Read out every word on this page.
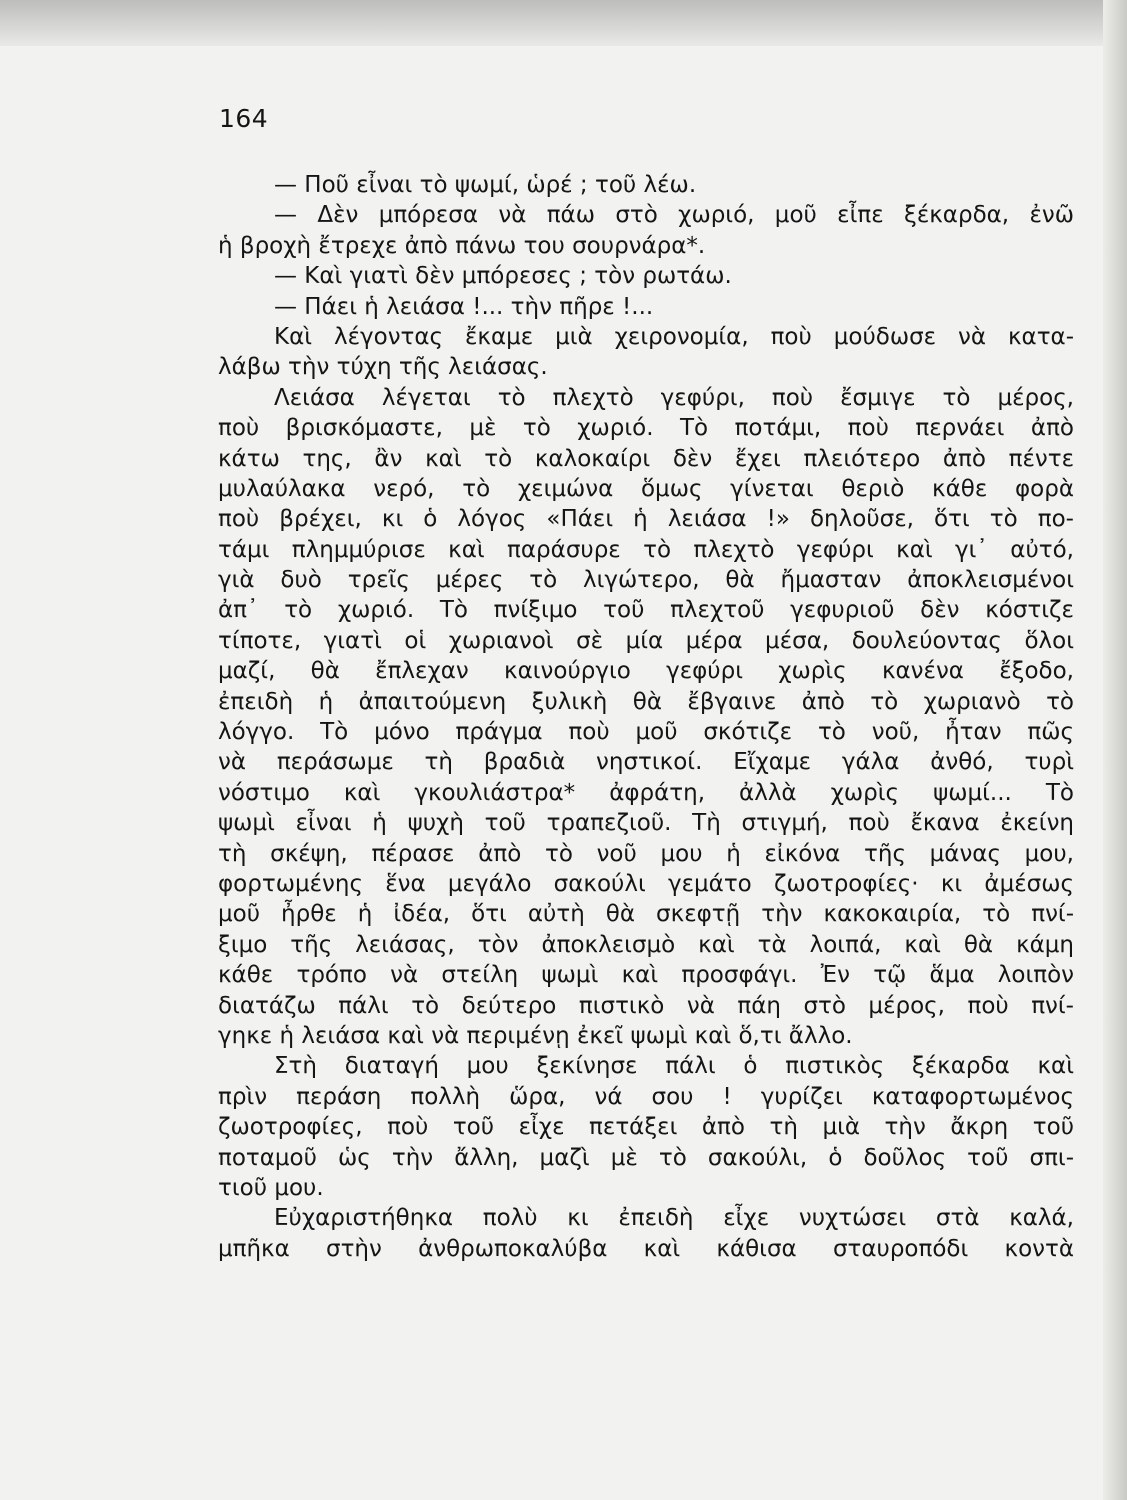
164

— Ποῦ εἶναι τὸ ψωμί, ὡρέ ; τοῦ λέω.
— Δὲν μπόρεσα νὰ πάω στὸ χωριό, μοῦ εἶπε ξέκαρδα, ἐνῶ
ἡ βροχὴ ἔτρεχε ἀπὸ πάνω του σουρνάρα*.
— Καὶ γιατὶ δὲν μπόρεσες ; τὸν ρωτάω.
— Πάει ἡ λειάσα !... τὴν πῆρε !...
Καὶ λέγοντας ἔκαμε μιὰ χειρονομία, ποὺ μούδωσε νὰ κατα-
λάβω τὴν τύχη τῆς λειάσας.
Λειάσα λέγεται τὸ πλεχτὸ γεφύρι, ποὺ ἔσμιγε τὸ μέρος,
ποὺ βρισκόμαστε, μὲ τὸ χωριό. Τὸ ποτάμι, ποὺ περνάει ἀπὸ
κάτω της, ἂν καὶ τὸ καλοκαίρι δὲν ἔχει πλειότερο ἀπὸ πέντε
μυλαύλακα νερό, τὸ χειμώνα ὅμως γίνεται θεριὸ κάθε φορὰ
ποὺ βρέχει, κι ὁ λόγος «Πάει ἡ λειάσα !» δηλοῦσε, ὅτι τὸ πο-
τάμι πλημμύρισε καὶ παράσυρε τὸ πλεχτὸ γεφύρι καὶ γι᾽ αὐτό,
γιὰ δυὸ τρεῖς μέρες τὸ λιγώτερο, θὰ ἤμασταν ἀποκλεισμένοι
ἀπ᾽ τὸ χωριό. Τὸ πνίξιμο τοῦ πλεχτοῦ γεφυριοῦ δὲν κόστιζε
τίποτε, γιατὶ οἱ χωριανοὶ σὲ μία μέρα μέσα, δουλεύοντας ὅλοι
μαζί, θὰ ἔπλεχαν καινούργιο γεφύρι χωρὶς κανένα ἔξοδο,
ἐπειδὴ ἡ ἀπαιτούμενη ξυλικὴ θὰ ἔβγαινε ἀπὸ τὸ χωριανὸ τὸ
λόγγο. Τὸ μόνο πράγμα ποὺ μοῦ σκότιζε τὸ νοῦ, ἦταν πῶς
νὰ περάσωμε τὴ βραδιὰ νηστικοί. Εἴχαμε γάλα ἀνθό, τυρὶ
νόστιμο καὶ γκουλιάστρα* ἀφράτη, ἀλλὰ χωρὶς ψωμί... Τὸ
ψωμὶ εἶναι ἡ ψυχὴ τοῦ τραπεζιοῦ. Τὴ στιγμή, ποὺ ἔκανα ἐκείνη
τὴ σκέψη, πέρασε ἀπὸ τὸ νοῦ μου ἡ εἰκόνα τῆς μάνας μου,
φορτωμένης ἕνα μεγάλο σακούλι γεμάτο ζωοτροφίες· κι ἀμέσως
μοῦ ἦρθε ἡ ἰδέα, ὅτι αὐτὴ θὰ σκεφτῇ τὴν κακοκαιρία, τὸ πνί-
ξιμο τῆς λειάσας, τὸν ἀποκλεισμὸ καὶ τὰ λοιπά, καὶ θὰ κάμη
κάθε τρόπο νὰ στείλη ψωμὶ καὶ προσφάγι. Ἐν τῷ ἅμα λοιπὸν
διατάζω πάλι τὸ δεύτερο πιστικὸ νὰ πάη στὸ μέρος, ποὺ πνί-
γηκε ἡ λειάσα καὶ νὰ περιμένῃ ἐκεῖ ψωμὶ καὶ ὅ,τι ἄλλο.
Στὴ διαταγή μου ξεκίνησε πάλι ὁ πιστικὸς ξέκαρδα καὶ
πρὶν περάση πολλὴ ὥρα, νά σου ! γυρίζει καταφορτωμένος
ζωοτροφίες, ποὺ τοῦ εἶχε πετάξει ἀπὸ τὴ μιὰ τὴν ἄκρη τοῦ
ποταμοῦ ὡς τὴν ἄλλη, μαζὶ μὲ τὸ σακούλι, ὁ δοῦλος τοῦ σπι-
τιοῦ μου.
Εὐχαριστήθηκα πολὺ κι ἐπειδὴ εἶχε νυχτώσει στὰ καλά,
μπῆκα στὴν ἀνθρωποκαλύβα καὶ κάθισα σταυροπόδι κοντὰ
